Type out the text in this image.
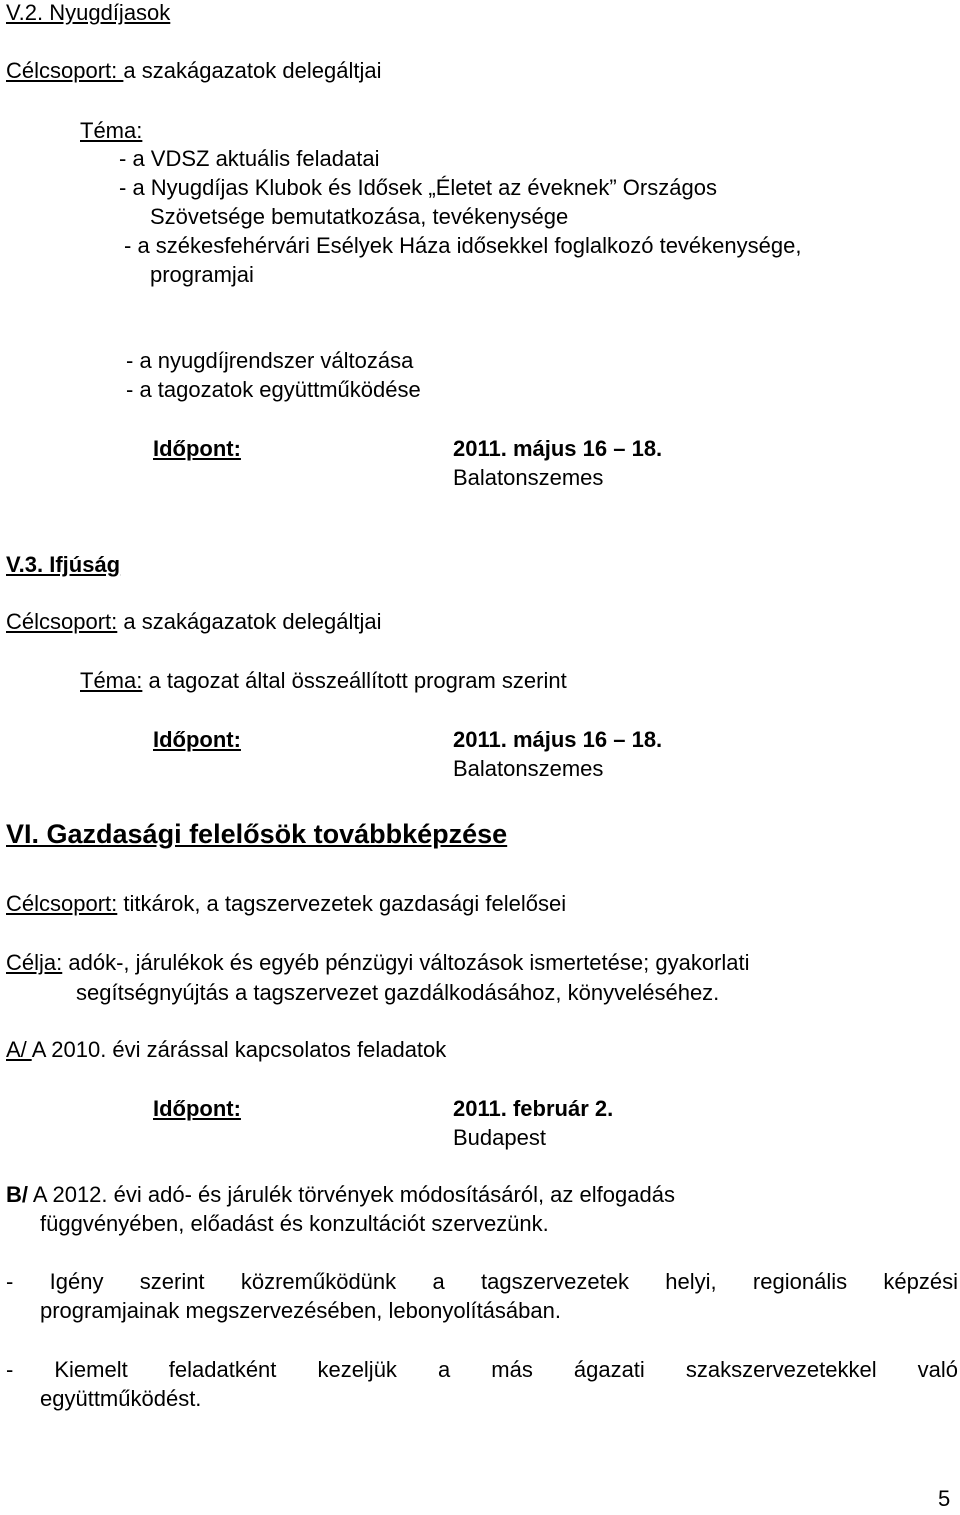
V.2. Nyugdíjasok
Célcsoport: a szakágazatok delegáltjai
Téma:
- a VDSZ aktuális feladatai
- a Nyugdíjas Klubok és Idősek „Életet az éveknek” Országos
Szövetsége bemutatkozása, tevékenysége
- a székesfehérvári Esélyek Háza idősekkel foglalkozó tevékenysége,
programjai
- a nyugdíjrendszer változása
- a tagozatok együttműködése
Időpont:	2011. május 16 – 18.
Balatonszemes
V.3. Ifjúság
Célcsoport: a szakágazatok delegáltjai
Téma: a tagozat által összeállított program szerint
Időpont:	2011. május 16 – 18.
Balatonszemes
VI. Gazdasági felelősök továbbképzése
Célcsoport: titkárok, a tagszervezetek gazdasági felelősei
Célja: adók-, járulékok és egyéb pénzügyi változások ismertetése; gyakorlati
segítségnyújtás a tagszervezet gazdálkodásához, könyveléséhez.
A/ A 2010. évi zárással kapcsolatos feladatok
Időpont:	2011. február 2.
Budapest
B/ A 2012. évi adó- és járulék törvények módosításáról, az elfogadás
függvényében, előadást és konzultációt szervezünk.
- Igény szerint közreműködünk a tagszervezetek helyi, regionális képzési
programjainak megszervezésében, lebonyolításában.
- Kiemelt feladatként kezeljük a más ágazati szakszervezetekkel való
együttműködést.
5
